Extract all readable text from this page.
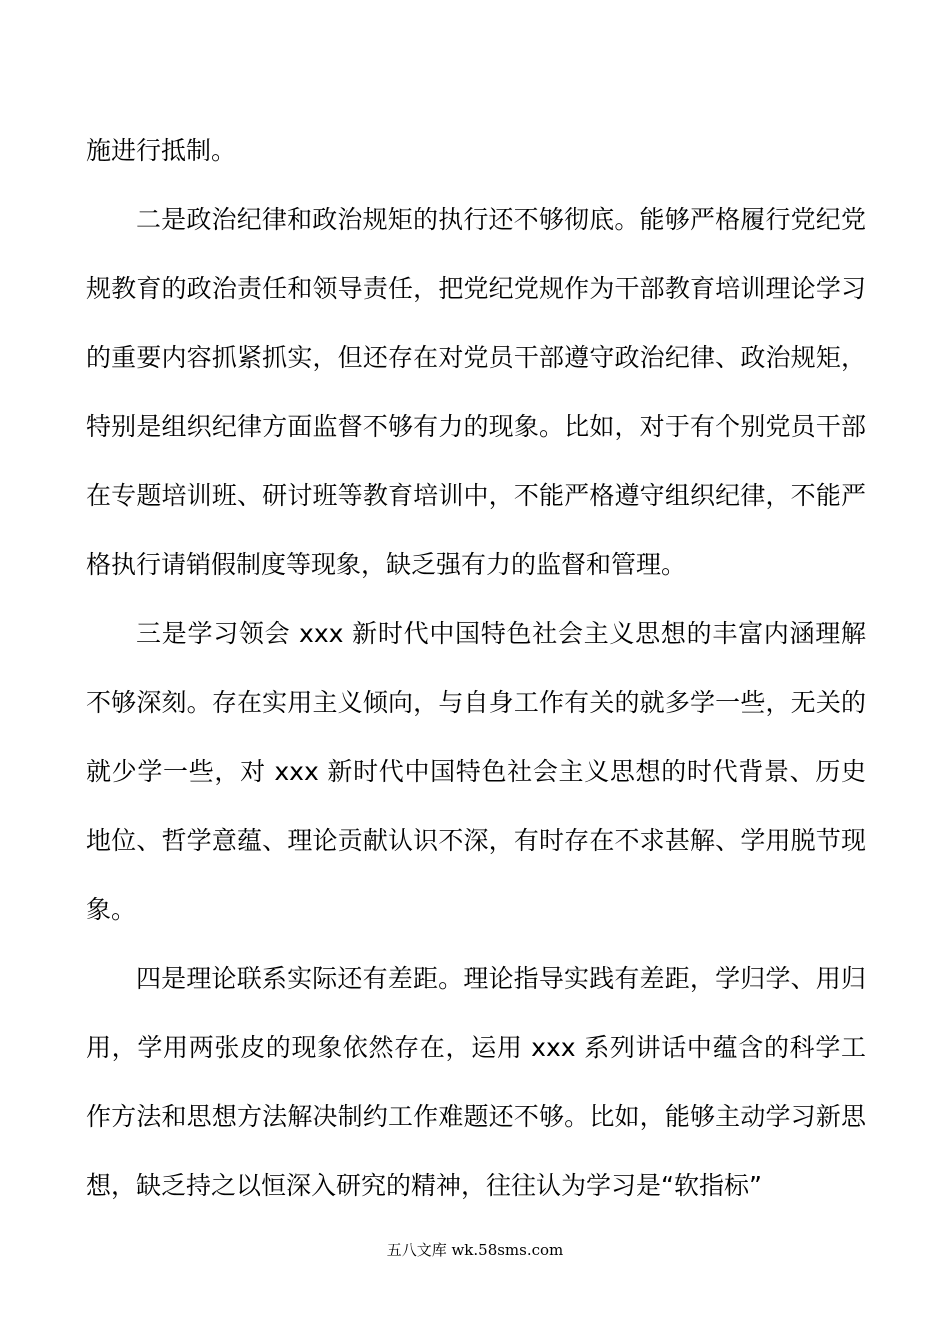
施进行抵制。

二是政治纪律和政治规矩的执行还不够彻底。能够严格履行党纪党规教育的政治责任和领导责任，把党纪党规作为干部教育培训理论学习的重要内容抓紧抓实，但还存在对党员干部遵守政治纪律、政治规矩，特别是组织纪律方面监督不够有力的现象。比如，对于有个别党员干部在专题培训班、研讨班等教育培训中，不能严格遵守组织纪律，不能严格执行请销假制度等现象，缺乏强有力的监督和管理。

三是学习领会 xxx 新时代中国特色社会主义思想的丰富内涵理解不够深刻。存在实用主义倾向，与自身工作有关的就多学一些，无关的就少学一些，对 xxx 新时代中国特色社会主义思想的时代背景、历史地位、哲学意蕴、理论贡献认识不深，有时存在不求甚解、学用脱节现象。

四是理论联系实际还有差距。理论指导实践有差距，学归学、用归用，学用两张皮的现象依然存在，运用 xxx 系列讲话中蕴含的科学工作方法和思想方法解决制约工作难题还不够。比如，能够主动学习新思想，缺乏持之以恒深入研究的精神，往往认为学习是“软指标”

五八文库 wk.58sms.com
